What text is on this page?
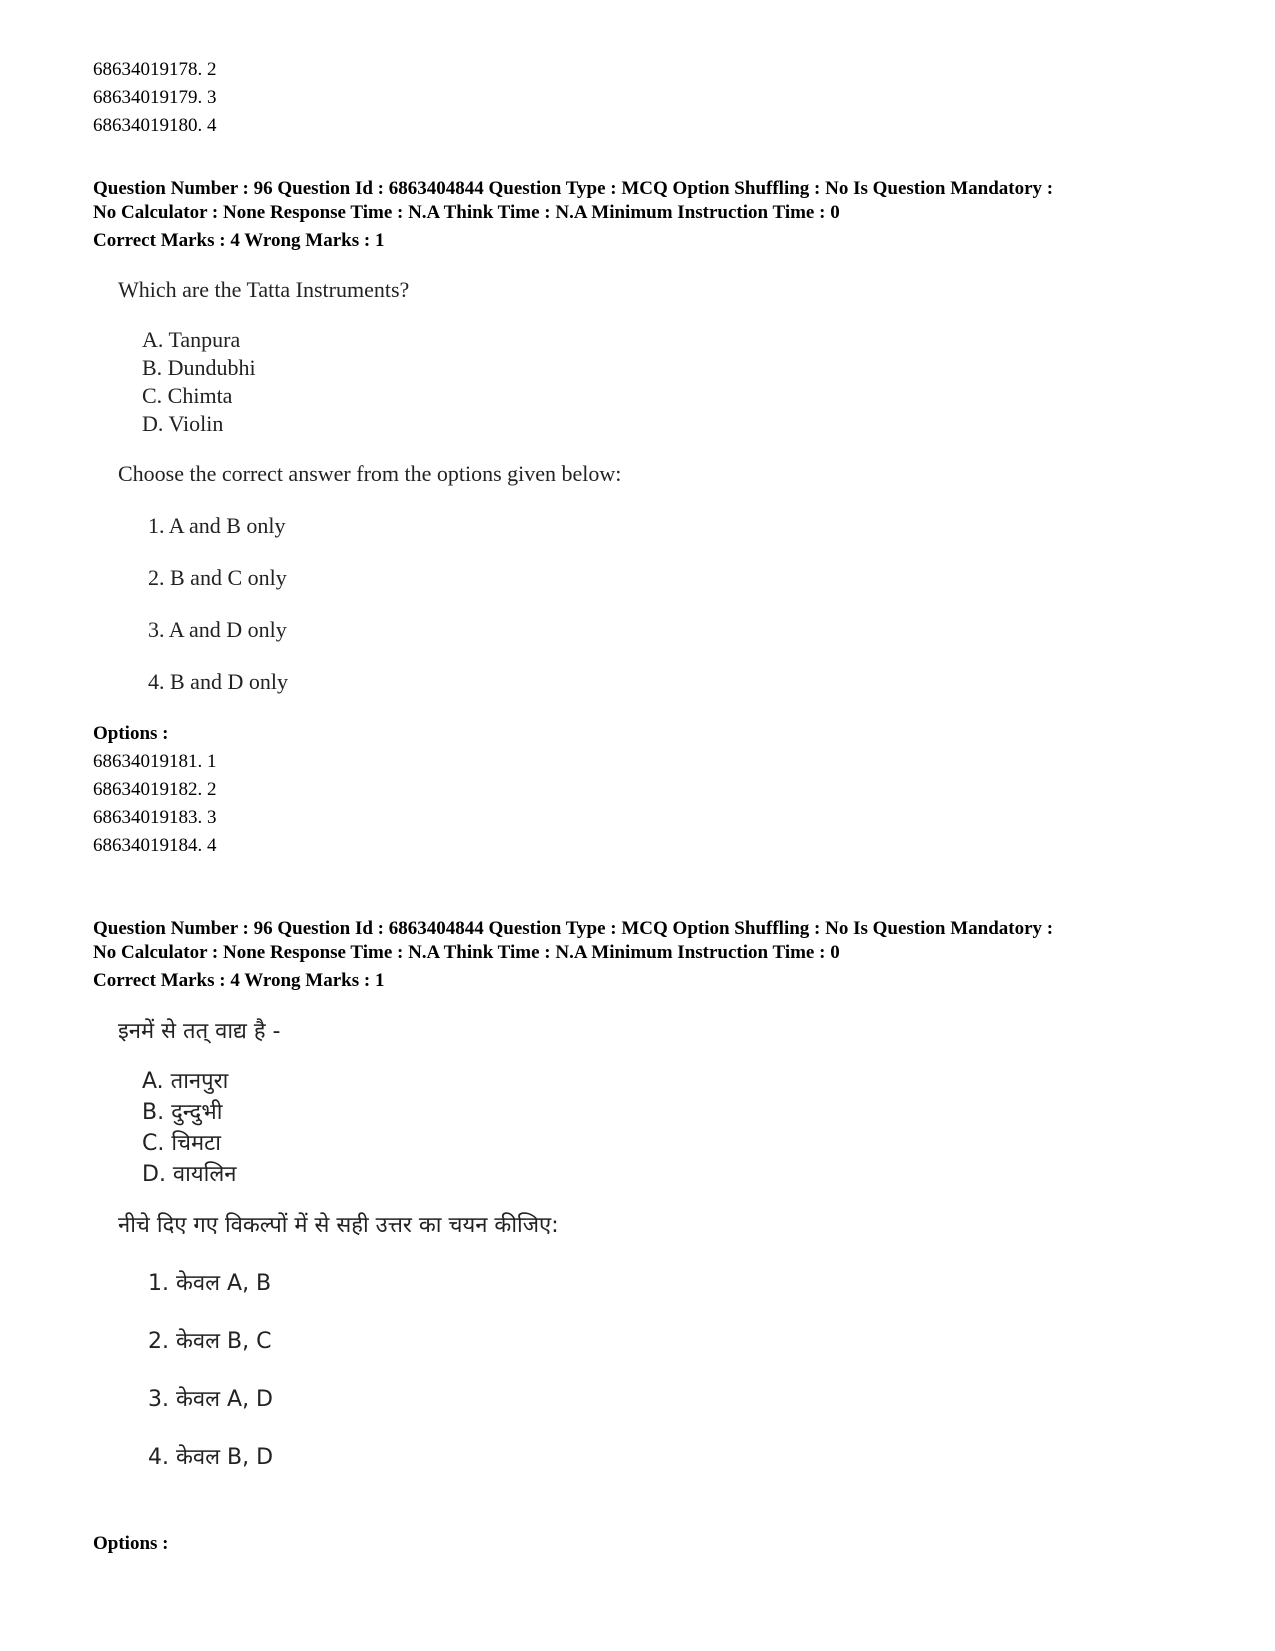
68634019178. 2
68634019179. 3
68634019180. 4
Question Number : 96 Question Id : 6863404844 Question Type : MCQ Option Shuffling : No Is Question Mandatory :
No Calculator : None Response Time : N.A Think Time : N.A Minimum Instruction Time : 0
Correct Marks : 4 Wrong Marks : 1
Which are the Tatta Instruments?
A. Tanpura
B. Dundubhi
C. Chimta
D. Violin
Choose the correct answer from the options given below:
1. A and B only
2. B and C only
3. A and D only
4. B and D only
Options :
68634019181. 1
68634019182. 2
68634019183. 3
68634019184. 4
Question Number : 96 Question Id : 6863404844 Question Type : MCQ Option Shuffling : No Is Question Mandatory :
No Calculator : None Response Time : N.A Think Time : N.A Minimum Instruction Time : 0
Correct Marks : 4 Wrong Marks : 1
इनमें से तत् वाद्य है -
A. तानपुरा
B. दुन्दुभी
C. चिमटा
D. वायलिन
नीचे दिए गए विकल्पों में से सही उत्तर का चयन कीजिए:
1. केवल A, B
2. केवल B, C
3. केवल A, D
4. केवल B, D
Options :
